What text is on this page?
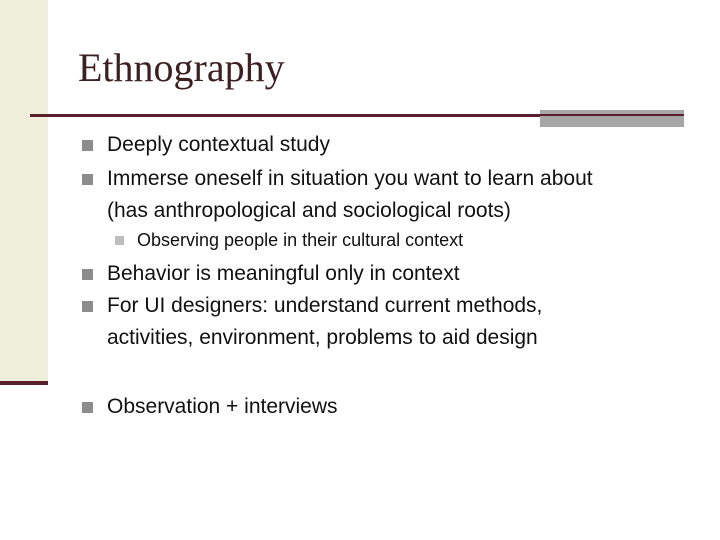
Ethnography
Deeply contextual study
Immerse oneself in situation you want to learn about
(has anthropological and sociological roots)
Observing people in their cultural context
Behavior is meaningful only in context
For UI designers: understand current methods,
activities, environment, problems to aid design
Observation + interviews
